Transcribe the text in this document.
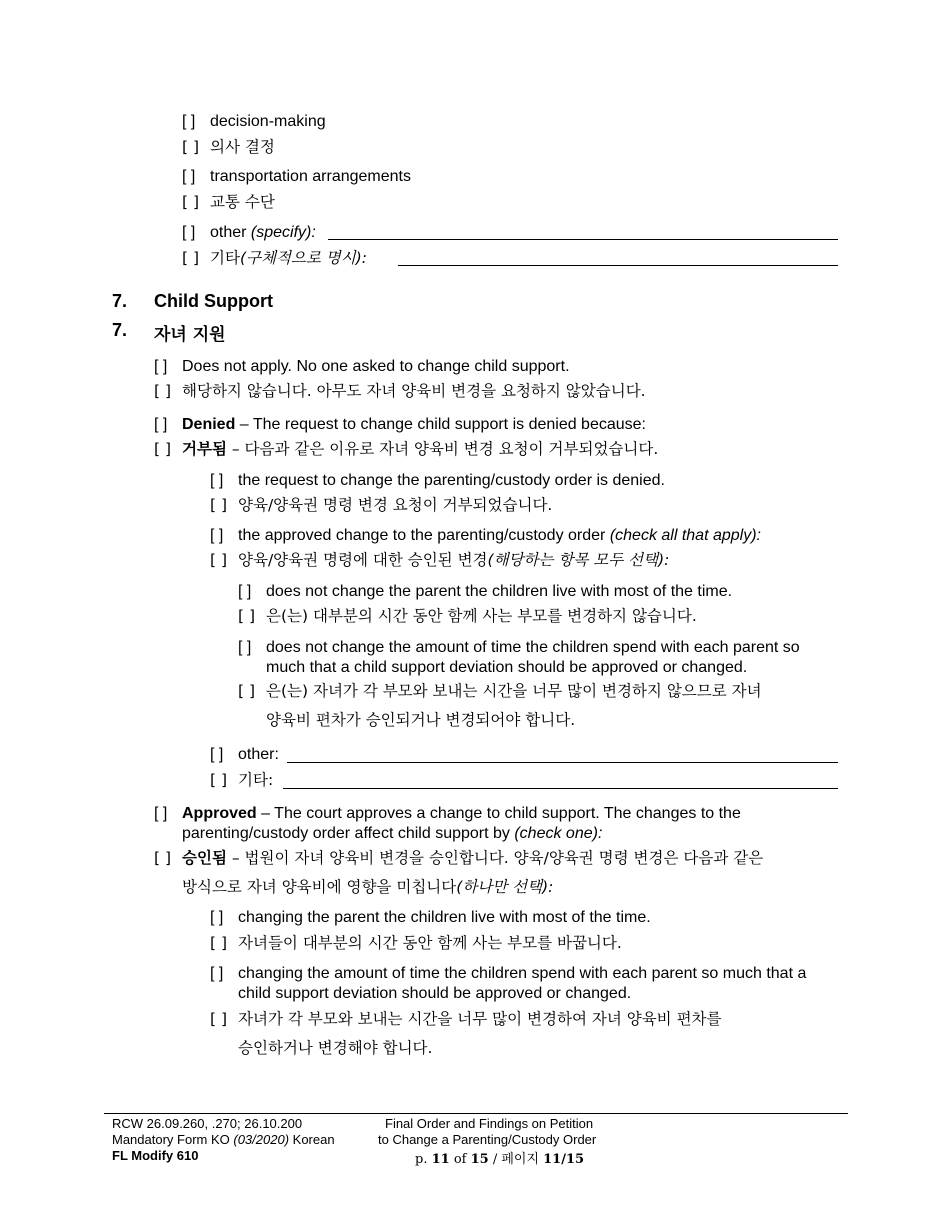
[ ] decision-making
[ ] 의사 결정
[ ] transportation arrangements
[ ] 교통 수단
[ ] other (specify):
[ ] 기타(구체적으로 명시):
7. Child Support
7. 자녀 지원
[ ] Does not apply. No one asked to change child support.
[ ] 해당하지 않습니다. 아무도 자녀 양육비 변경을 요청하지 않았습니다.
[ ] Denied – The request to change child support is denied because:
[ ] 거부됨 – 다음과 같은 이유로 자녀 양육비 변경 요청이 거부되었습니다.
[ ] the request to change the parenting/custody order is denied.
[ ] 양육/양육권 명령 변경 요청이 거부되었습니다.
[ ] the approved change to the parenting/custody order (check all that apply):
[ ] 양육/양육권 명령에 대한 승인된 변경(해당하는 항목 모두 선택):
[ ] does not change the parent the children live with most of the time.
[ ] 은(는) 대부분의 시간 동안 함께 사는 부모를 변경하지 않습니다.
[ ] does not change the amount of time the children spend with each parent so much that a child support deviation should be approved or changed.
[ ] 은(는) 자녀가 각 부모와 보내는 시간을 너무 많이 변경하지 않으므로 자녀
양육비 편차가 승인되거나 변경되어야 합니다.
[ ] other:
[ ] 기타:
[ ] Approved – The court approves a change to child support. The changes to the parenting/custody order affect child support by (check one):
[ ] 승인됨 – 법원이 자녀 양육비 변경을 승인합니다. 양육/양육권 명령 변경은 다음과 같은
방식으로 자녀 양육비에 영향을 미칩니다(하나만 선택):
[ ] changing the parent the children live with most of the time.
[ ] 자녀들이 대부분의 시간 동안 함께 사는 부모를 바꿉니다.
[ ] changing the amount of time the children spend with each parent so much that a child support deviation should be approved or changed.
[ ] 자녀가 각 부모와 보내는 시간을 너무 많이 변경하여 자녀 양육비 편차를
승인하거나 변경해야 합니다.
RCW 26.09.260, .270; 26.10.200
Mandatory Form KO (03/2020) Korean
FL Modify 610
Final Order and Findings on Petition
to Change a Parenting/Custody Order
p. 11 of 15 / 페이지 11/15
